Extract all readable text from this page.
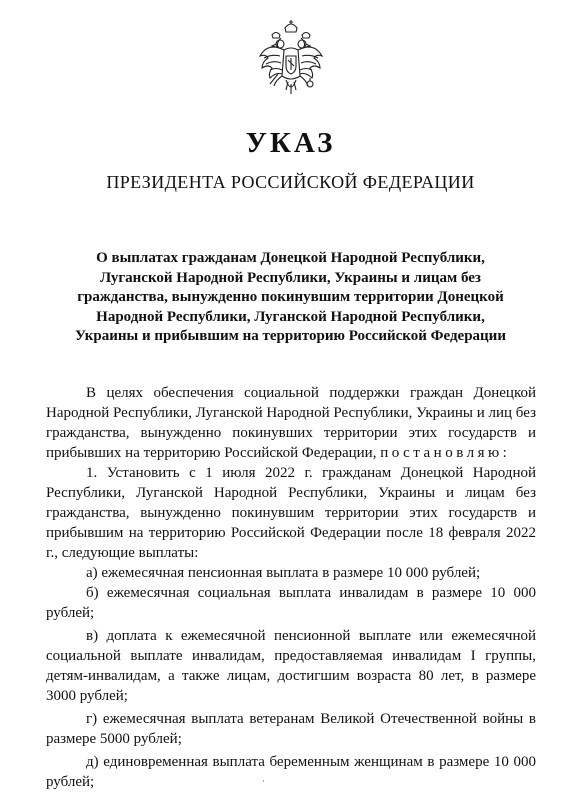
УКАЗ
ПРЕЗИДЕНТА РОССИЙСКОЙ ФЕДЕРАЦИИ
О выплатах гражданам Донецкой Народной Республики, Луганской Народной Республики, Украины и лицам без гражданства, вынужденно покинувшим территории Донецкой Народной Республики, Луганской Народной Республики, Украины и прибывшим на территорию Российской Федерации

В целях обеспечения социальной поддержки граждан Донецкой Народной Республики, Луганской Народной Республики, Украины и лиц без гражданства, вынужденно покинувших территории этих государств и прибывших на территорию Российской Федерации, постановляю:

1. Установить с 1 июля 2022 г. гражданам Донецкой Народной Республики, Луганской Народной Республики, Украины и лицам без гражданства, вынужденно покинувшим территории этих государств и прибывшим на территорию Российской Федерации после 18 февраля 2022 г., следующие выплаты:

а) ежемесячная пенсионная выплата в размере 10 000 рублей;

б) ежемесячная социальная выплата инвалидам в размере 10 000 рублей;

в) доплата к ежемесячной пенсионной выплате или ежемесячной социальной выплате инвалидам, предоставляемая инвалидам I группы, детям-инвалидам, а также лицам, достигшим возраста 80 лет, в размере 3000 рублей;

г) ежемесячная выплата ветеранам Великой Отечественной войны в размере 5000 рублей;

д) единовременная выплата беременным женщинам в размере 10 000 рублей;	·
